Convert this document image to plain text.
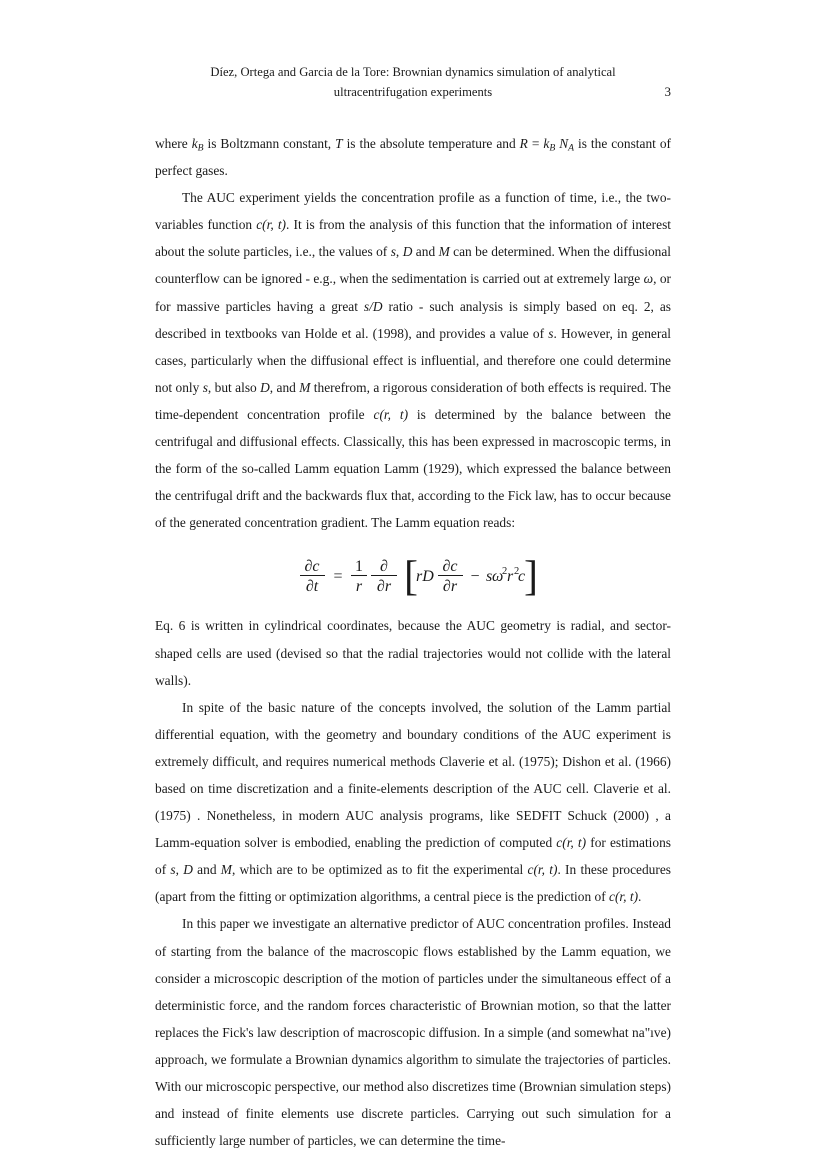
Díez, Ortega and Garcia de la Tore: Brownian dynamics simulation of analytical
ultracentrifugation experiments	3

where $k_B$ is Boltzmann constant, T is the absolute temperature and $R = k_B$ $N_A$ is the constant of perfect gases.

The AUC experiment yields the concentration profile as a function of time, i.e., the two-variables function c(r, t). It is from the analysis of this function that the information of interest about the solute particles, i.e., the values of s, D and M can be determined. When the diffusional counterflow can be ignored - e.g., when the sedimentation is carried out at extremely large ω, or for massive particles having a great s/D ratio - such analysis is simply based on eq. 2, as described in textbooks van Holde et al. (1998), and provides a value of s. However, in general cases, particularly when the diffusional effect is influential, and therefore one could determine not only s, but also D, and M therefrom, a rigorous consideration of both effects is required. The time-dependent concentration profile c(r, t) is determined by the balance between the centrifugal and diffusional effects. Classically, this has been expressed in macroscopic terms, in the form of the so-called Lamm equation Lamm (1929), which expressed the balance between the centrifugal drift and the backwards flux that, according to the Fick law, has to occur because of the generated concentration gradient. The Lamm equation reads:

∂c
∂t
=
1
r
∂
∂r [
rD
∂c
∂r
− s ω
2 r 2
c
]

Eq. 6 is written in cylindrical coordinates, because the AUC geometry is radial, and sector-shaped cells are used (devised so that the radial trajectories would not collide with the lateral walls).

In spite of the basic nature of the concepts involved, the solution of the Lamm partial differential equation, with the geometry and boundary conditions of the AUC experiment is extremely difficult, and requires numerical methods Claverie et al. (1975); Dishon et al. (1966) based on time discretization and a finite-elements description of the AUC cell. Claverie et al. (1975) . Nonetheless, in modern AUC analysis programs, like SEDFIT Schuck (2000) , a Lamm-equation solver is embodied, enabling the prediction of computed c(r, t) for estimations of s, D and M, which are to be optimized as to fit the experimental c(r, t). In these procedures (apart from the fitting or optimization algorithms, a central piece is the prediction of c(r, t).

In this paper we investigate an alternative predictor of AUC concentration profiles. Instead of starting from the balance of the macroscopic flows established by the Lamm equation, we consider a microscopic description of the motion of particles under the simultaneous effect of a deterministic force, and the random forces characteristic of Brownian motion, so that the latter replaces the Fick's law description of macroscopic diffusion. In a simple (and somewhat na"ıve) approach, we formulate a Brownian dynamics algorithm to simulate the trajectories of particles. With our microscopic perspective, our method also discretizes time (Brownian simulation steps) and instead of finite elements use discrete particles. Carrying out such simulation for a sufficiently large number of particles, we can determine the time-
